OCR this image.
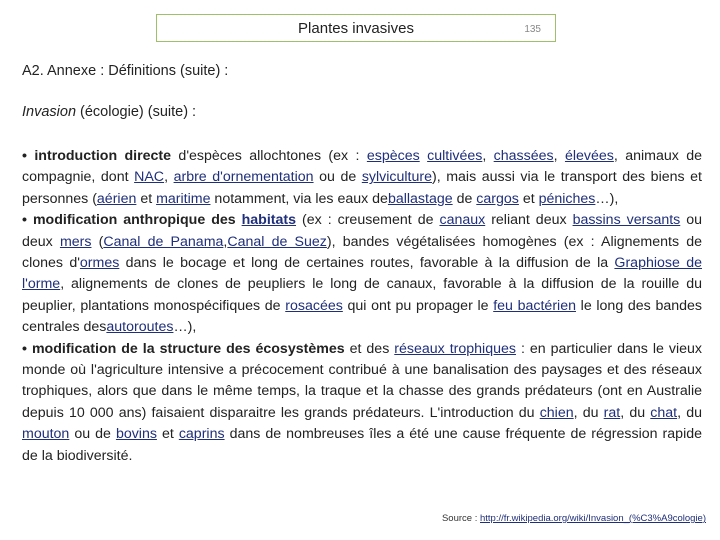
Plantes invasives	135
A2. Annexe : Définitions (suite) :
Invasion (écologie) (suite) :

• introduction directe d'espèces allochtones (ex : espèces cultivées, chassées, élevées, animaux de compagnie, dont NAC, arbre d'ornementation ou de sylviculture), mais aussi via le transport des biens et personnes (aérien et maritime notamment, via les eaux deballastage de cargos et péniches…),

• modification anthropique des habitats (ex : creusement de canaux reliant deux bassins versants ou deux mers (Canal de Panama,Canal de Suez), bandes végétalisées homogènes (ex : Alignements de clones d'ormes dans le bocage et long de certaines routes, favorable à la diffusion de la Graphiose de l'orme, alignements de clones de peupliers le long de canaux, favorable à la diffusion de la rouille du peuplier, plantations monospécifiques de rosacées qui ont pu propager le feu bactérien le long des bandes centrales desautoroutes…),

• modification de la structure des écosystèmes et des réseaux trophiques : en particulier dans le vieux monde où l'agriculture intensive a précocement contribué à une banalisation des paysages et des réseaux trophiques, alors que dans le même temps, la traque et la chasse des grands prédateurs (ont en Australie depuis 10 000 ans) faisaient disparaitre les grands prédateurs. L'introduction du chien, du rat, du chat, du mouton ou de bovins et caprins dans de nombreuses îles a été une cause fréquente de régression rapide de la biodiversité.

Source : http://fr.wikipedia.org/wiki/Invasion_(%C3%A9cologie)
